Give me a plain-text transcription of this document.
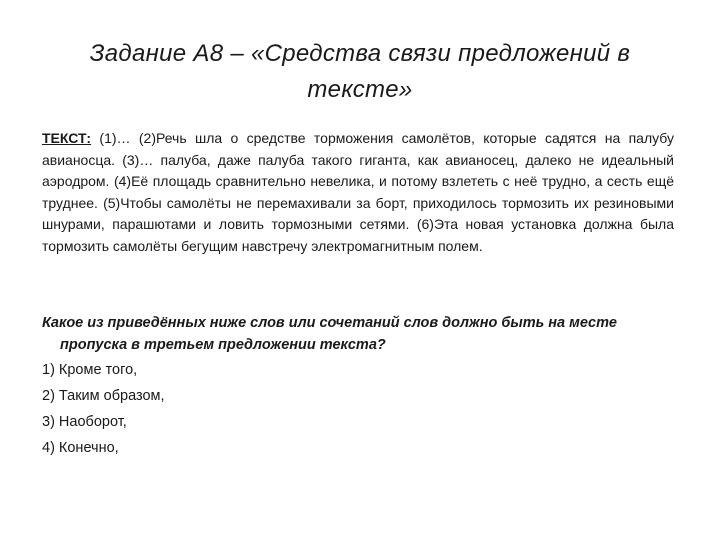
Задание А8 – «Средства связи предложений в
тексте»
ТЕКСТ: (1)… (2)Речь шла о средстве торможения самолётов, которые садятся на палубу авианосца. (3)… палуба, даже палуба такого гиганта, как авианосец, далеко не идеальный аэродром. (4)Её площадь сравнительно невелика, и потому взлететь с неё трудно, а сесть ещё труднее. (5)Чтобы самолёты не перемахивали за борт, приходилось тормозить их резиновыми шнурами, парашютами и ловить тормозными сетями. (6)Эта новая установка должна была тормозить самолёты бегущим навстречу электромагнитным полем.
Какое из приведённых ниже слов или сочетаний слов должно быть на месте пропуска в третьем предложении текста?
1) Кроме того,
2) Таким образом,
3) Наоборот,
4) Конечно,
